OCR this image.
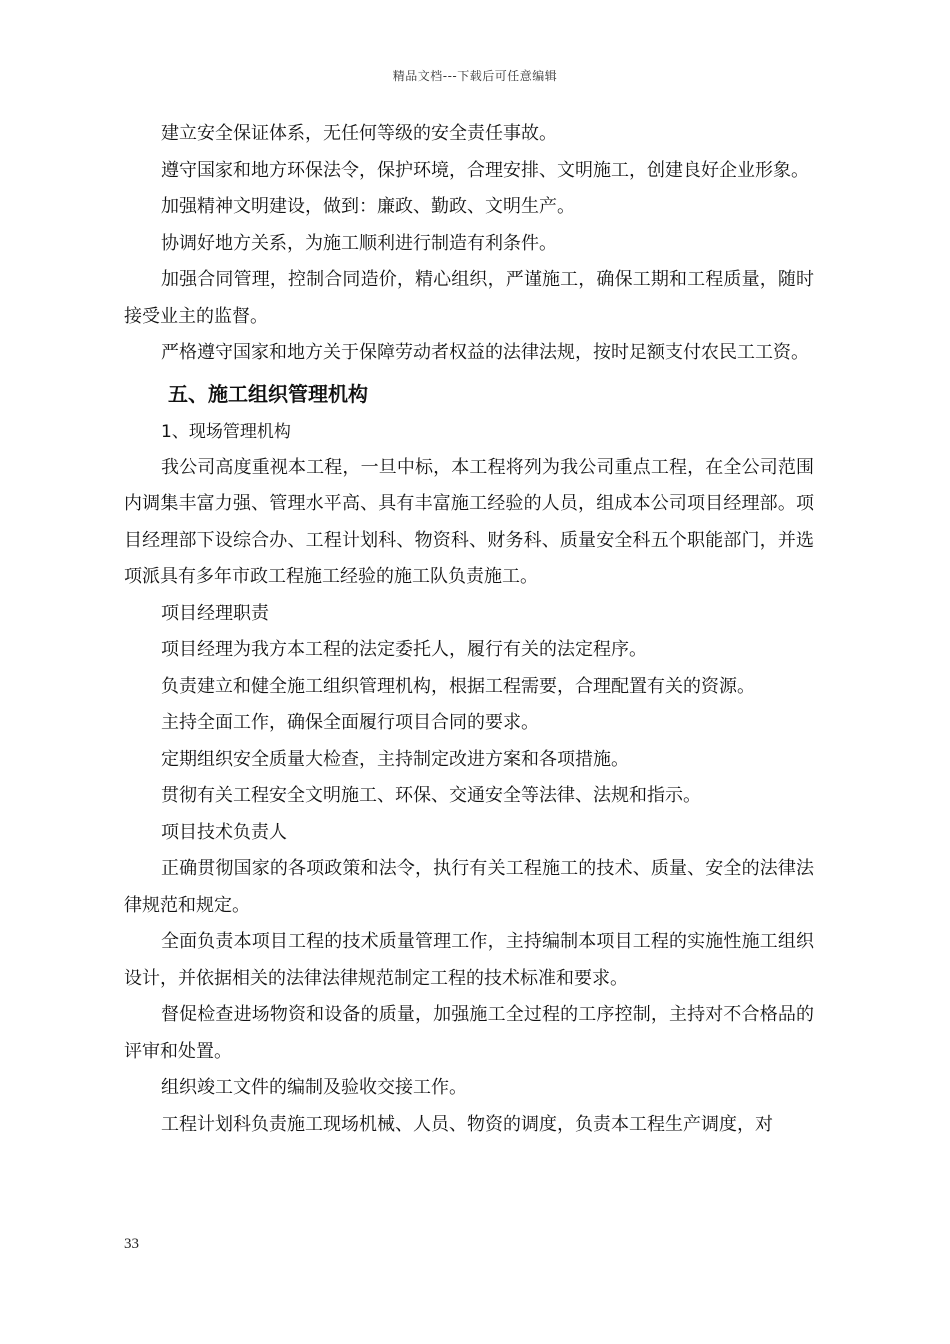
精品文档---下载后可任意编辑

建立安全保证体系，无任何等级的安全责任事故。

遵守国家和地方环保法令，保护环境，合理安排、文明施工，创建良好企业形象。

加强精神文明建设，做到：廉政、勤政、文明生产。

协调好地方关系，为施工顺利进行制造有利条件。

加强合同管理，控制合同造价，精心组织，严谨施工，确保工期和工程质量，随时接受业主的监督。

严格遵守国家和地方关于保障劳动者权益的法律法规，按时足额支付农民工工资。

五、施工组织管理机构

1、现场管理机构

我公司高度重视本工程，一旦中标，本工程将列为我公司重点工程，在全公司范围内调集丰富力强、管理水平高、具有丰富施工经验的人员，组成本公司项目经理部。项目经理部下设综合办、工程计划科、物资科、财务科、质量安全科五个职能部门，并选项派具有多年市政工程施工经验的施工队负责施工。

项目经理职责

项目经理为我方本工程的法定委托人，履行有关的法定程序。

负责建立和健全施工组织管理机构，根据工程需要，合理配置有关的资源。

主持全面工作，确保全面履行项目合同的要求。

定期组织安全质量大检查，主持制定改进方案和各项措施。

贯彻有关工程安全文明施工、环保、交通安全等法律、法规和指示。

项目技术负责人

正确贯彻国家的各项政策和法令，执行有关工程施工的技术、质量、安全的法律法律规范和规定。

全面负责本项目工程的技术质量管理工作，主持编制本项目工程的实施性施工组织设计，并依据相关的法律法律规范制定工程的技术标准和要求。

督促检查进场物资和设备的质量，加强施工全过程的工序控制，主持对不合格品的评审和处置。

组织竣工文件的编制及验收交接工作。

工程计划科负责施工现场机械、人员、物资的调度，负责本工程生产调度，对

33
